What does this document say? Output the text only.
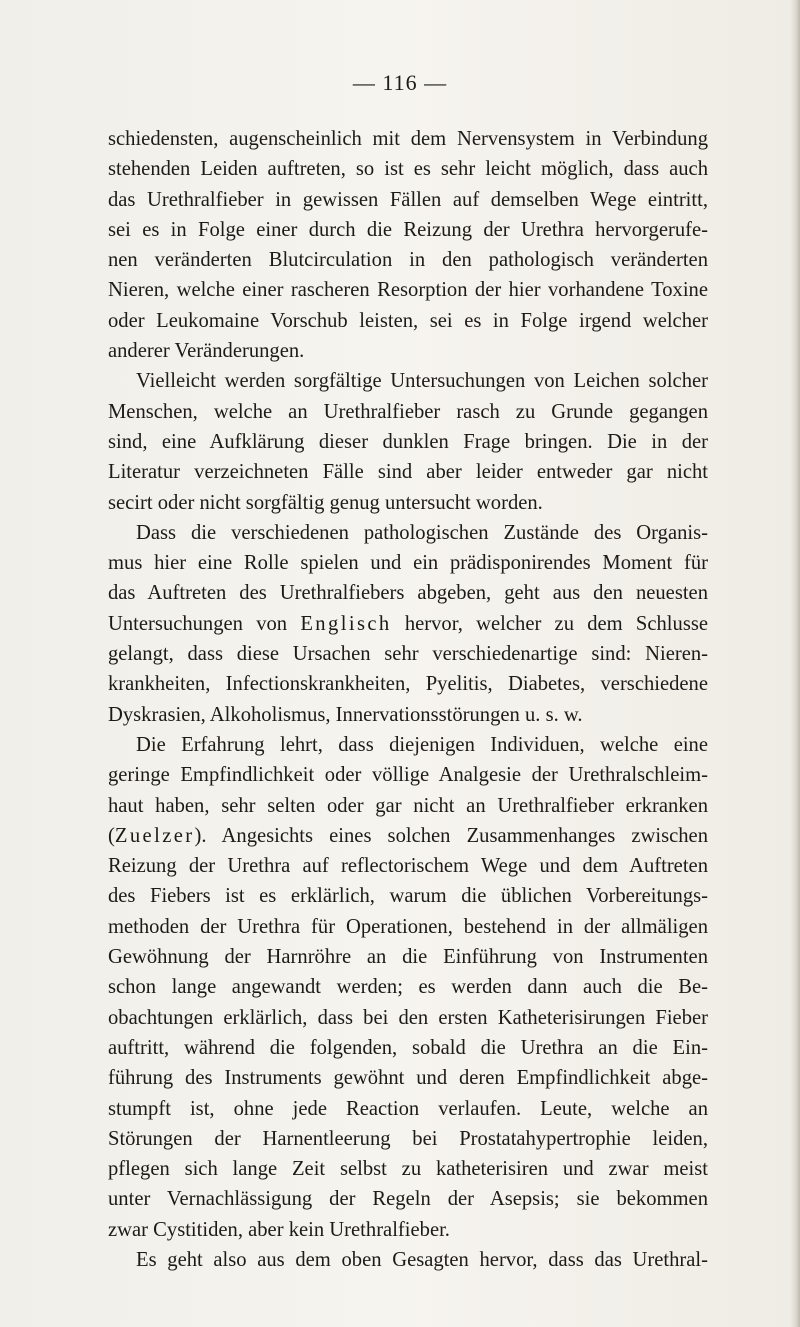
— 116 —
schiedensten, augenscheinlich mit dem Nervensystem in Verbindung
stehenden Leiden auftreten, so ist es sehr leicht möglich, dass auch
das Urethralfieber in gewissen Fällen auf demselben Wege eintritt,
sei es in Folge einer durch die Reizung der Urethra hervorgerufe-
nen veränderten Blutcirculation in den pathologisch veränderten
Nieren, welche einer rascheren Resorption der hier vorhandene Toxine
oder Leukomaine Vorschub leisten, sei es in Folge irgend welcher
anderer Veränderungen.
Vielleicht werden sorgfältige Untersuchungen von Leichen solcher
Menschen, welche an Urethralfieber rasch zu Grunde gegangen
sind, eine Aufklärung dieser dunklen Frage bringen. Die in der
Literatur verzeichneten Fälle sind aber leider entweder gar nicht
secirt oder nicht sorgfältig genug untersucht worden.
Dass die verschiedenen pathologischen Zustände des Organis-
mus hier eine Rolle spielen und ein prädisponirendes Moment für
das Auftreten des Urethralfiebers abgeben, geht aus den neuesten
Untersuchungen von Englisch hervor, welcher zu dem Schlusse
gelangt, dass diese Ursachen sehr verschiedenartige sind: Nieren-
krankheiten, Infectionskrankheiten, Pyelitis, Diabetes, verschiedene
Dyskrasien, Alkoholismus, Innervationsstörungen u. s. w.
Die Erfahrung lehrt, dass diejenigen Individuen, welche eine
geringe Empfindlichkeit oder völlige Analgesie der Urethralschleim-
haut haben, sehr selten oder gar nicht an Urethralfieber erkranken
(Zuelzer). Angesichts eines solchen Zusammenhanges zwischen
Reizung der Urethra auf reflectorischem Wege und dem Auftreten
des Fiebers ist es erklärlich, warum die üblichen Vorbereitungs-
methoden der Urethra für Operationen, bestehend in der allmäligen
Gewöhnung der Harnröhre an die Einführung von Instrumenten
schon lange angewandt werden; es werden dann auch die Be-
obachtungen erklärlich, dass bei den ersten Katheterisirungen Fieber
auftritt, während die folgenden, sobald die Urethra an die Ein-
führung des Instruments gewöhnt und deren Empfindlichkeit abge-
stumpft ist, ohne jede Reaction verlaufen. Leute, welche an
Störungen der Harnentleerung bei Prostatahypertrophie leiden,
pflegen sich lange Zeit selbst zu katheterisiren und zwar meist
unter Vernachlässigung der Regeln der Asepsis; sie bekommen
zwar Cystitiden, aber kein Urethralfieber.
Es geht also aus dem oben Gesagten hervor, dass das Urethral-
